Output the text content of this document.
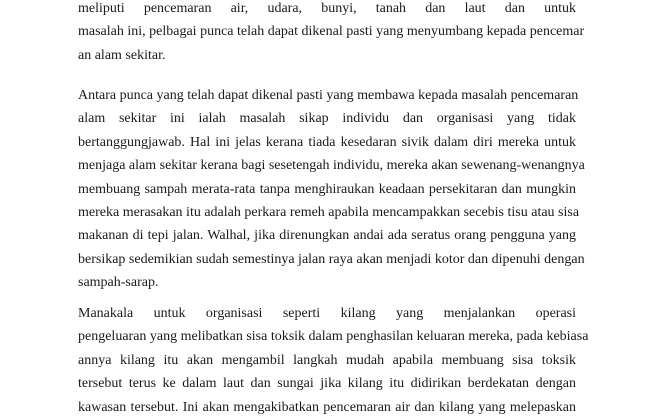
meliputi pencemaran air, udara, bunyi, tanah dan laut dan untuk
masalah ini, pelbagai punca telah dapat dikenal pasti yang menyumbang kepada pencemar
an alam sekitar.
Antara punca yang telah dapat dikenal pasti yang membawa kepada masalah pencemaran
alam sekitar ini ialah masalah sikap individu dan organisasi yang tidak
bertanggungjawab. Hal ini jelas kerana tiada kesedaran sivik dalam diri mereka untuk
menjaga alam sekitar kerana bagi sesetengah individu, mereka akan sewenang-wenangnya
membuang sampah merata-rata tanpa menghiraukan keadaan persekitaran dan mungkin
mereka merasakan itu adalah perkara remeh apabila mencampakkan secebis tisu atau sisa
makanan di tepi jalan. Walhal, jika direnungkan andai ada seratus orang pengguna yang
bersikap sedemikian sudah semestinya jalan raya akan menjadi kotor dan dipenuhi dengan
sampah-sarap.
Manakala untuk organisasi seperti kilang yang menjalankan operasi
pengeluaran yang melibatkan sisa toksik dalam penghasilan keluaran mereka, pada kebiasa
annya kilang itu akan mengambil langkah mudah apabila membuang sisa toksik
tersebut terus ke dalam laut dan sungai jika kilang itu didirikan berdekatan dengan
kawasan tersebut. Ini akan mengakibatkan pencemaran air dan kilang yang melepaskan
